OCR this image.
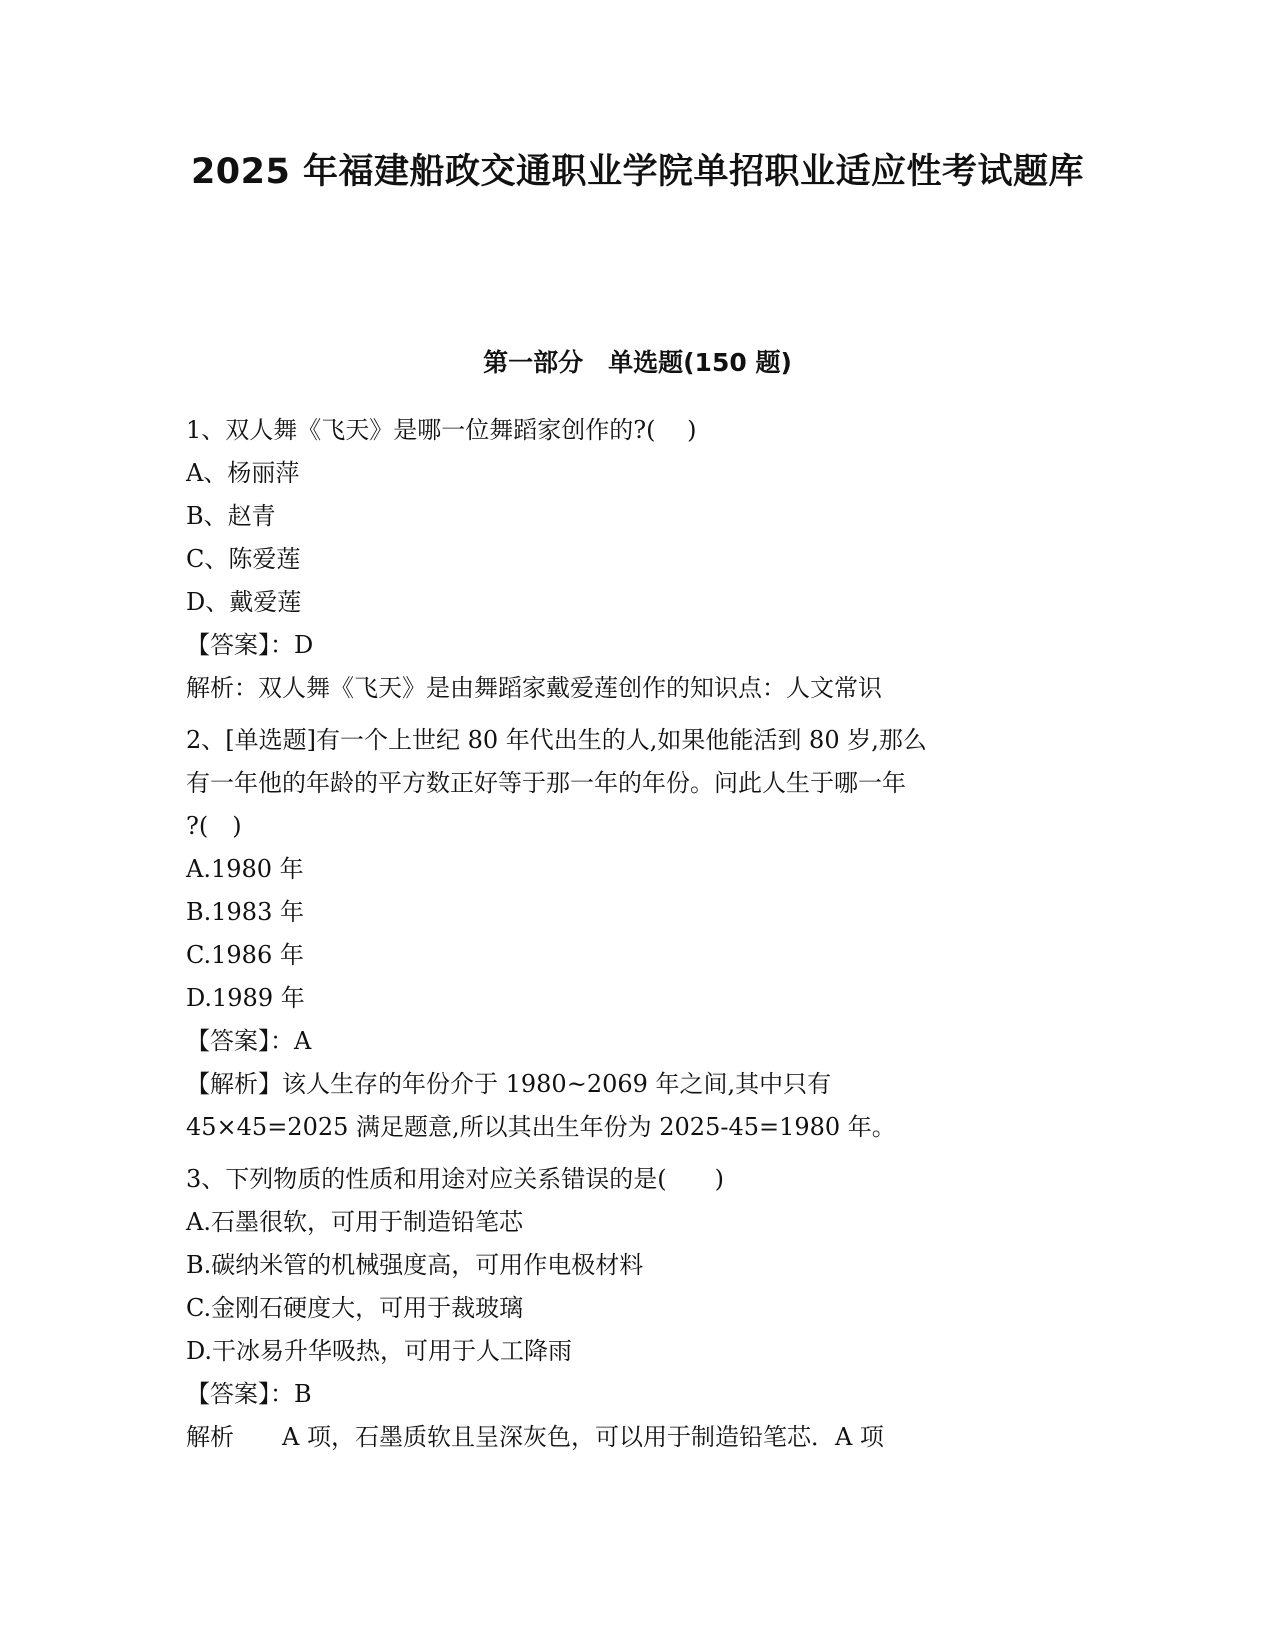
2025 年福建船政交通职业学院单招职业适应性考试题库
第一部分　单选题(150 题)
1、双人舞《飞天》是哪一位舞蹈家创作的?(　 )
A、杨丽萍
B、赵青
C、陈爱莲
D、戴爱莲
【答案】：D
解析：双人舞《飞天》是由舞蹈家戴爱莲创作的知识点：人文常识
2、[单选题]有一个上世纪 80 年代出生的人,如果他能活到 80 岁,那么
有一年他的年龄的平方数正好等于那一年的年份。问此人生于哪一年
?(　)
A.1980 年
B.1983 年
C.1986 年
D.1989 年
【答案】：A
【解析】该人生存的年份介于 1980~2069 年之间,其中只有
45×45=2025 满足题意,所以其出生年份为 2025-45=1980 年。
3、下列物质的性质和用途对应关系错误的是(　　)
A.石墨很软，可用于制造铅笔芯
B.碳纳米管的机械强度高，可用作电极材料
C.金刚石硬度大，可用于裁玻璃
D.干冰易升华吸热，可用于人工降雨
【答案】：B
解析　　A 项，石墨质软且呈深灰色，可以用于制造铅笔芯．A 项
